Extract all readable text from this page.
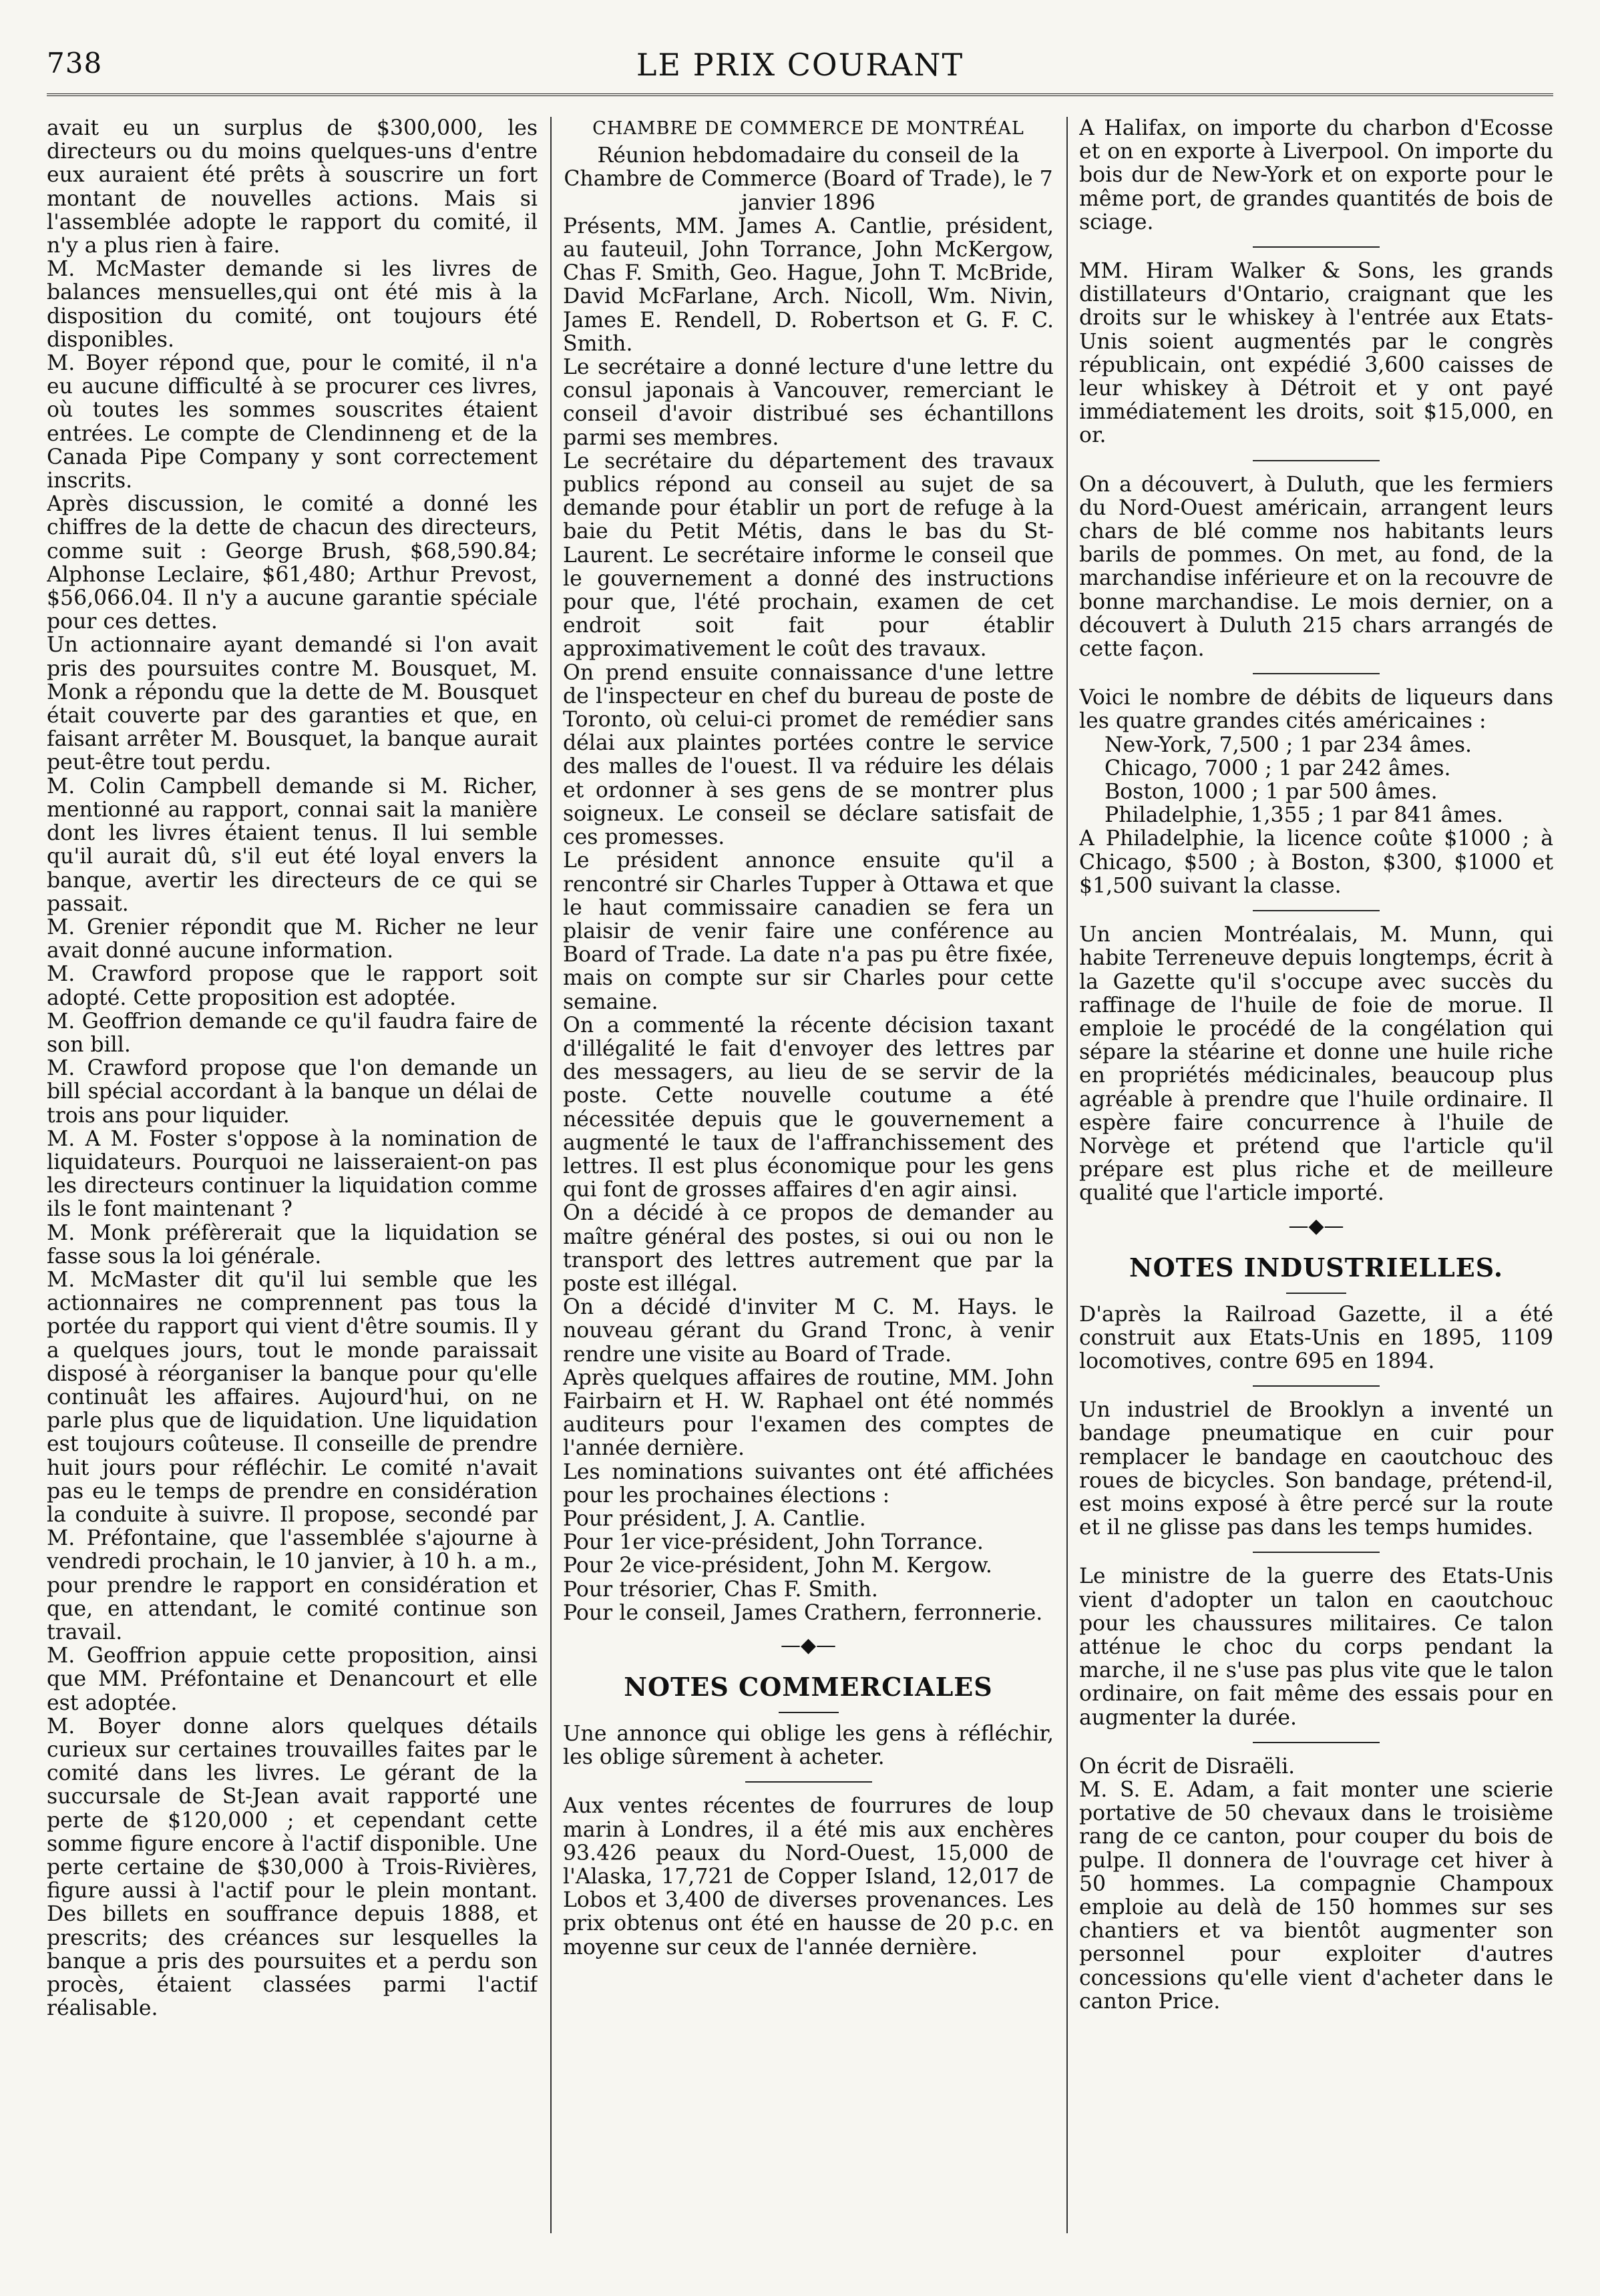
738	LE PRIX COURANT

avait eu un surplus de $300,000, les directeurs ou du moins quelques-uns d'entre eux auraient été prêts à souscrire un fort montant de nouvelles actions. Mais si l'assemblée adopte le rapport du comité, il n'y a plus rien à faire.

M. McMaster demande si les livres de balances mensuelles,qui ont été mis à la disposition du comité, ont toujours été disponibles.

M. Boyer répond que, pour le comité, il n'a eu aucune difficulté à se procurer ces livres, où toutes les sommes souscrites étaient entrées. Le compte de Clendinneng et de la Canada Pipe Company y sont correctement inscrits.

Après discussion, le comité a donné les chiffres de la dette de chacun des directeurs, comme suit : George Brush, $68,590.84; Alphonse Leclaire, $61,480; Arthur Prevost, $56,066.04. Il n'y a aucune garantie spéciale pour ces dettes.

Un actionnaire ayant demandé si l'on avait pris des poursuites contre M. Bousquet, M. Monk a répondu que la dette de M. Bousquet était couverte par des garanties et que, en faisant arrêter M. Bousquet, la banque aurait peut-être tout perdu.

M. Colin Campbell demande si M. Richer, mentionné au rapport, connai sait la manière dont les livres étaient tenus. Il lui semble qu'il aurait dû, s'il eut été loyal envers la banque, avertir les directeurs de ce qui se passait.

M. Grenier répondit que M. Richer ne leur avait donné aucune information.

M. Crawford propose que le rapport soit adopté. Cette proposition est adoptée.

M. Geoffrion demande ce qu'il faudra faire de son bill.

M. Crawford propose que l'on demande un bill spécial accordant à la banque un délai de trois ans pour liquider.

M. A M. Foster s'oppose à la nomination de liquidateurs. Pourquoi ne laisseraient-on pas les directeurs continuer la liquidation comme ils le font maintenant ?

M. Monk préfèrerait que la liquidation se fasse sous la loi générale.

M. McMaster dit qu'il lui semble que les actionnaires ne comprennent pas tous la portée du rapport qui vient d'être soumis. Il y a quelques jours, tout le monde paraissait disposé à réorganiser la banque pour qu'elle continuât les affaires. Aujourd'hui, on ne parle plus que de liquidation. Une liquidation est toujours coûteuse. Il conseille de prendre huit jours pour réfléchir. Le comité n'avait pas eu le temps de prendre en considération la conduite à suivre. Il propose, secondé par M. Préfontaine, que l'assemblée s'ajourne à vendredi prochain, le 10 janvier, à 10 h. a m., pour prendre le rapport en considération et que, en attendant, le comité continue son travail.

M. Geoffrion appuie cette proposition, ainsi que MM. Préfontaine et Denancourt et elle est adoptée.

M. Boyer donne alors quelques détails curieux sur certaines trouvailles faites par le comité dans les livres. Le gérant de la succursale de St-Jean avait rapporté une perte de $120,000 ; et cependant cette somme figure encore à l'actif disponible. Une perte certaine de $30,000 à Trois-Rivières, figure aussi à l'actif pour le plein montant. Des billets en souffrance depuis 1888, et prescrits; des créances sur lesquelles la banque a pris des poursuites et a perdu son procès, étaient classées parmi l'actif réalisable.

CHAMBRE DE COMMERCE DE MONTRÉAL

Réunion hebdomadaire du conseil de la Chambre de Commerce (Board of Trade), le 7 janvier 1896

Présents, MM. James A. Cantlie, président, au fauteuil, John Torrance, John McKergow, Chas F. Smith, Geo. Hague, John T. McBride, David McFarlane, Arch. Nicoll, Wm. Nivin, James E. Rendell, D. Robertson et G. F. C. Smith.

Le secrétaire a donné lecture d'une lettre du consul japonais à Vancouver, remerciant le conseil d'avoir distribué ses échantillons parmi ses membres.

Le secrétaire du département des travaux publics répond au conseil au sujet de sa demande pour établir un port de refuge à la baie du Petit Métis, dans le bas du St-Laurent. Le secrétaire informe le conseil que le gouvernement a donné des instructions pour que, l'été prochain, examen de cet endroit soit fait pour établir approximativement le coût des travaux.

On prend ensuite connaissance d'une lettre de l'inspecteur en chef du bureau de poste de Toronto, où celui-ci promet de remédier sans délai aux plaintes portées contre le service des malles de l'ouest. Il va réduire les délais et ordonner à ses gens de se montrer plus soigneux. Le conseil se déclare satisfait de ces promesses.

Le président annonce ensuite qu'il a rencontré sir Charles Tupper à Ottawa et que le haut commissaire canadien se fera un plaisir de venir faire une conférence au Board of Trade. La date n'a pas pu être fixée, mais on compte sur sir Charles pour cette semaine.

On a commenté la récente décision taxant d'illégalité le fait d'envoyer des lettres par des messagers, au lieu de se servir de la poste. Cette nouvelle coutume a été nécessitée depuis que le gouvernement a augmenté le taux de l'affranchissement des lettres. Il est plus économique pour les gens qui font de grosses affaires d'en agir ainsi.

On a décidé à ce propos de demander au maître général des postes, si oui ou non le transport des lettres autrement que par la poste est illégal.

On a décidé d'inviter M C. M. Hays. le nouveau gérant du Grand Tronc, à venir rendre une visite au Board of Trade.

Après quelques affaires de routine, MM. John Fairbairn et H. W. Raphael ont été nommés auditeurs pour l'examen des comptes de l'année dernière.

Les nominations suivantes ont été affichées pour les prochaines élections :

Pour président, J. A. Cantlie.

Pour 1er vice-président, John Torrance.

Pour 2e vice-président, John M. Kergow.

Pour trésorier, Chas F. Smith.

Pour le conseil, James Crathern, ferronnerie.

—◆—
NOTES COMMERCIALES

Une annonce qui oblige les gens à réfléchir, les oblige sûrement à acheter.

Aux ventes récentes de fourrures de loup marin à Londres, il a été mis aux enchères 93.426 peaux du Nord-Ouest, 15,000 de l'Alaska, 17,721 de Copper Island, 12,017 de Lobos et 3,400 de diverses provenances. Les prix obtenus ont été en hausse de 20 p.c. en moyenne sur ceux de l'année dernière.

A Halifax, on importe du charbon d'Ecosse et on en exporte à Liverpool. On importe du bois dur de New-York et on exporte pour le même port, de grandes quantités de bois de sciage.

MM. Hiram Walker & Sons, les grands distillateurs d'Ontario, craignant que les droits sur le whiskey à l'entrée aux Etats-Unis soient augmentés par le congrès républicain, ont expédié 3,600 caisses de leur whiskey à Détroit et y ont payé immédiatement les droits, soit $15,000, en or.

On a découvert, à Duluth, que les fermiers du Nord-Ouest américain, arrangent leurs chars de blé comme nos habitants leurs barils de pommes. On met, au fond, de la marchandise inférieure et on la recouvre de bonne marchandise. Le mois dernier, on a découvert à Duluth 215 chars arrangés de cette façon.

Voici le nombre de débits de liqueurs dans les quatre grandes cités américaines :

New-York, 7,500 ; 1 par 234 âmes.

Chicago, 7000 ; 1 par 242 âmes.

Boston, 1000 ; 1 par 500 âmes.

Philadelphie, 1,355 ; 1 par 841 âmes.

A Philadelphie, la licence coûte $1000 ; à Chicago, $500 ; à Boston, $300, $1000 et $1,500 suivant la classe.

Un ancien Montréalais, M. Munn, qui habite Terreneuve depuis longtemps, écrit à la Gazette qu'il s'occupe avec succès du raffinage de l'huile de foie de morue. Il emploie le procédé de la congélation qui sépare la stéarine et donne une huile riche en propriétés médicinales, beaucoup plus agréable à prendre que l'huile ordinaire. Il espère faire concurrence à l'huile de Norvège et prétend que l'article qu'il prépare est plus riche et de meilleure qualité que l'article importé.

—◆—
NOTES INDUSTRIELLES.

D'après la Railroad Gazette, il a été construit aux Etats-Unis en 1895, 1109 locomotives, contre 695 en 1894.

Un industriel de Brooklyn a inventé un bandage pneumatique en cuir pour remplacer le bandage en caoutchouc des roues de bicycles. Son bandage, prétend-il, est moins exposé à être percé sur la route et il ne glisse pas dans les temps humides.

Le ministre de la guerre des Etats-Unis vient d'adopter un talon en caoutchouc pour les chaussures militaires. Ce talon atténue le choc du corps pendant la marche, il ne s'use pas plus vite que le talon ordinaire, on fait même des essais pour en augmenter la durée.

On écrit de Disraëli.

M. S. E. Adam, a fait monter une scierie portative de 50 chevaux dans le troisième rang de ce canton, pour couper du bois de pulpe. Il donnera de l'ouvrage cet hiver à 50 hommes. La compagnie Champoux emploie au delà de 150 hommes sur ses chantiers et va bientôt augmenter son personnel pour exploiter d'autres concessions qu'elle vient d'acheter dans le canton Price.
